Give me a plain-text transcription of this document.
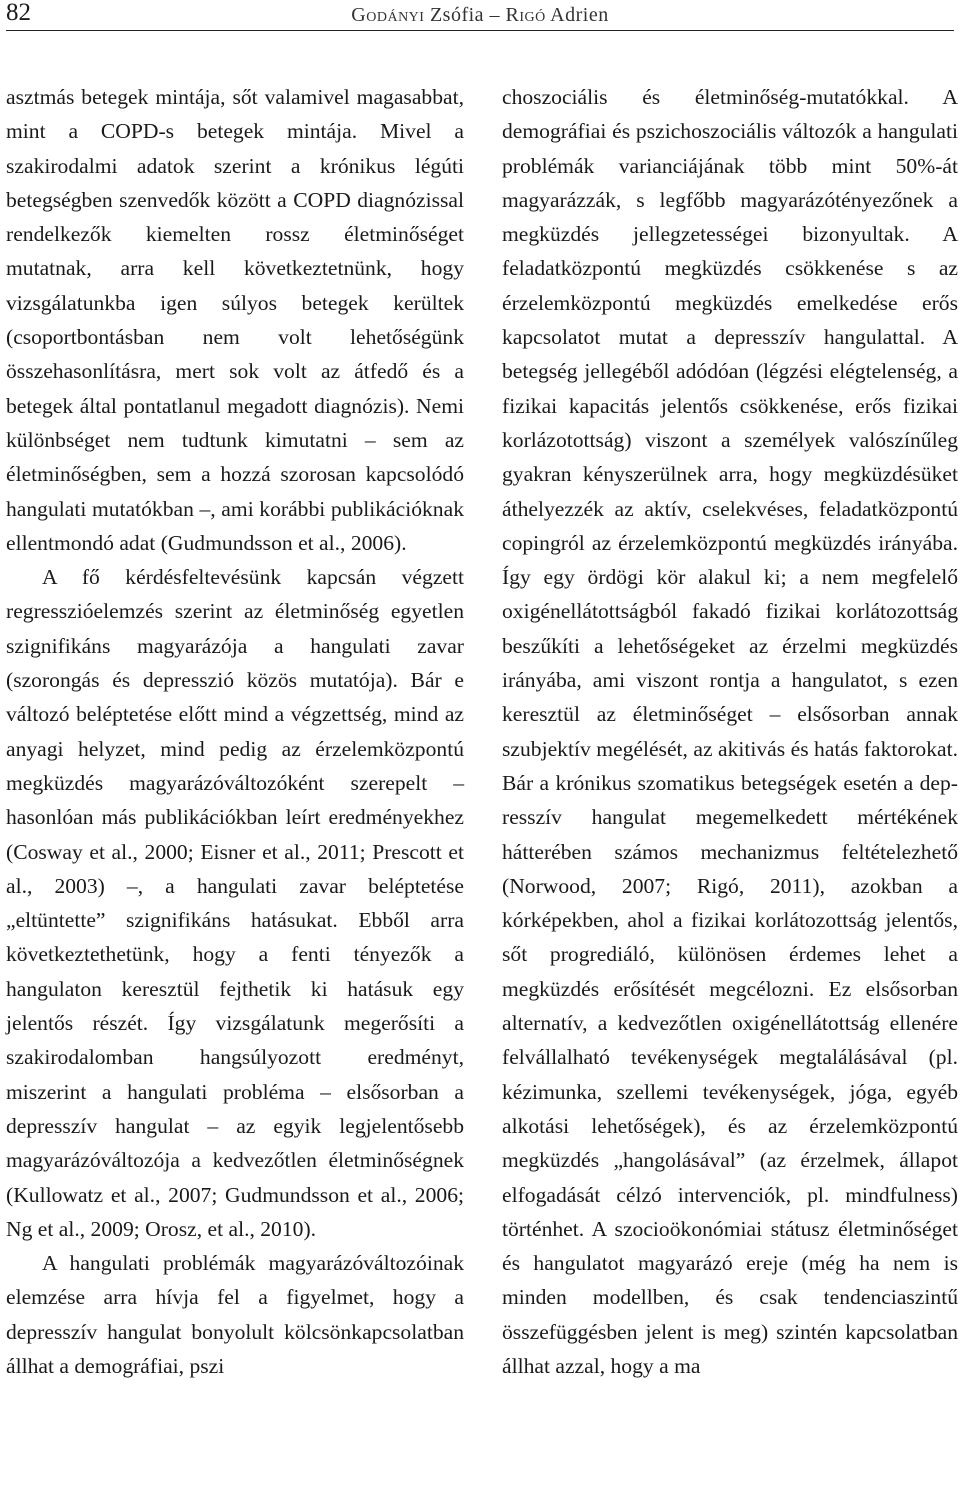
82	Godányi Zsófia – Rigó Adrien

asztmás betegek mintája, sőt valamivel magasabbat, mint a COPD-s betegek mintája. Mivel a szakirodalmi adatok szerint a krónikus légúti betegségben szenvedők között a COPD diagnózissal rendelkezők kiemelten rossz életminőséget mutatnak, arra kell következtetnünk, hogy vizsgálatunkba igen súlyos betegek kerültek (csoportbontásban nem volt lehetőségünk összehasonlításra, mert sok volt az átfedő és a betegek által pontatlanul megadott diagnózis). Nemi különbséget nem tudtunk kimutatni – sem az életminőségben, sem a hozzá szorosan kapcsolódó hangulati mutatókban –, ami korábbi publikációknak ellentmondó adat (Gudmundsson et al., 2006).

A fő kérdésfeltevésünk kapcsán végzett regresszióelemzés szerint az életminőség egyetlen szignifikáns magyarázója a hangulati zavar (szorongás és depresszió közös mutatója). Bár e változó beléptetése előtt mind a végzettség, mind az anyagi helyzet, mind pedig az érzelemközpontú megküzdés magyarázóváltozóként szerepelt – hasonlóan más publikációkban leírt eredményekhez (Cosway et al., 2000; Eisner et al., 2011; Prescott et al., 2003) –, a hangulati zavar beléptetése „eltüntette” szignifikáns hatásukat. Ebből arra következtethetünk, hogy a fenti tényezők a hangulaton keresztül fejthetik ki hatásuk egy jelentős részét. Így vizsgálatunk megerősíti a szakirodalomban hangsúlyozott eredményt, miszerint a hangulati probléma – elsősorban a depresszív hangulat – az egyik legjelentősebb magyarázóváltozója a kedvezőtlen életminőségnek (Kullowatz et al., 2007; Gudmundsson et al., 2006; Ng et al., 2009; Orosz, et al., 2010).

A hangulati problémák magyarázóváltozóinak elemzése arra hívja fel a figyelmet, hogy a depresszív hangulat bonyolult kölcsönkapcsolatban állhat a demográfiai, pszi

choszociális és életminőség-mutatókkal. A demográfiai és pszichoszociális változók a hangulati problémák varianciájának több mint 50%-át magyarázzák, s legfőbb magyarázótényezőnek a megküzdés jellegzetességei bizonyultak. A feladatközpontú megküzdés csökkenése s az érzelemközpontú megküzdés emelkedése erős kapcsolatot mutat a depresszív hangulattal. A betegség jellegéből adódóan (légzési elégtelenség, a fizikai kapacitás jelentős csökkenése, erős fizikai korlázotottság) viszont a személyek valószínűleg gyakran kényszerülnek arra, hogy megküzdésüket áthelyezzék az aktív, cselekvéses, feladatközpontú copingról az érzelemközpontú megküzdés irányába. Így egy ördögi kör alakul ki; a nem megfelelő oxigénellátottságból fakadó fizikai korlátozottság beszűkíti a lehetőségeket az érzelmi megküzdés irányába, ami viszont rontja a hangulatot, s ezen keresztül az életminőséget – elsősorban annak szubjektív megélését, az akitivás és hatás faktorokat. Bár a krónikus szomatikus betegségek esetén a depresszív hangulat megemelkedett mértékének hátterében számos mechanizmus feltételezhető (Norwood, 2007; Rigó, 2011), azokban a kórképekben, ahol a fizikai korlátozottság jelentős, sőt progrediáló, különösen érdemes lehet a megküzdés erősítését megcélozni. Ez elsősorban alternatív, a kedvezőtlen oxigénellátottság ellenére felvállalható tevékenységek megtalálásával (pl. kézimunka, szellemi tevékenységek, jóga, egyéb alkotási lehetőségek), és az érzelemközpontú megküzdés „hangolásával” (az érzelmek, állapot elfogadását célzó intervenciók, pl. mindfulness) történhet. A szocioökonómiai státusz életminőséget és hangulatot magyarázó ereje (még ha nem is minden modellben, és csak tendenciaszintű összefüggésben jelent is meg) szintén kapcsolatban állhat azzal, hogy a ma
